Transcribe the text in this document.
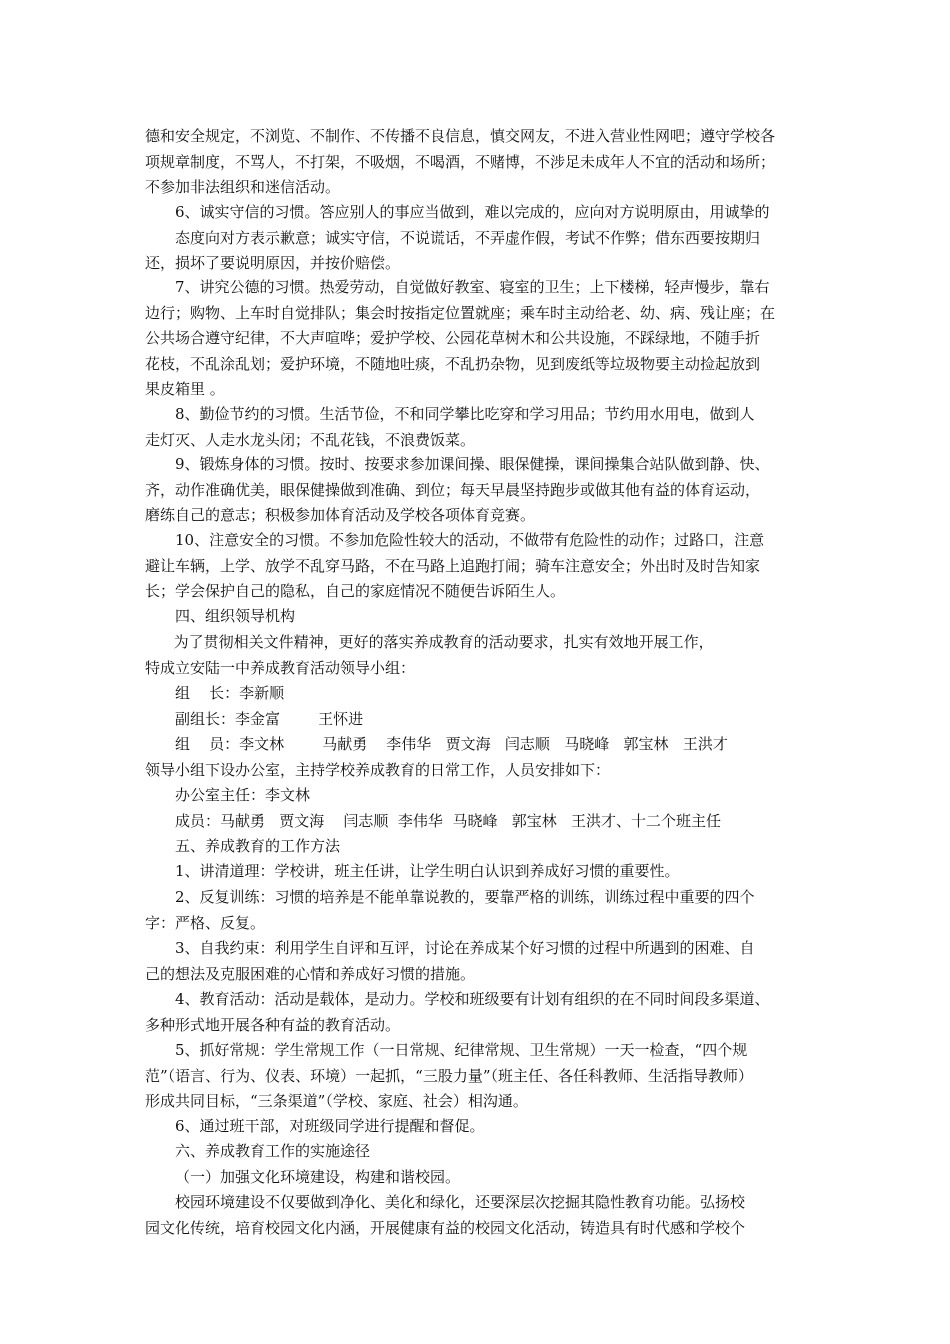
德和安全规定，不浏览、不制作、不传播不良信息，慎交网友，不进入营业性网吧；遵守学校各

项规章制度，不骂人，不打架，不吸烟，不喝酒，不赌博，不涉足未成年人不宜的活动和场所；

不参加非法组织和迷信活动。

6、诚实守信的习惯。答应别人的事应当做到，难以完成的，应向对方说明原由，用诚挚的

态度向对方表示歉意；诚实守信，不说谎话，不弄虚作假，考试不作弊；借东西要按期归

还，损坏了要说明原因，并按价赔偿。

7、讲究公德的习惯。热爱劳动，自觉做好教室、寝室的卫生；上下楼梯，轻声慢步，靠右

边行；购物、上车时自觉排队；集会时按指定位置就座；乘车时主动给老、幼、病、残让座；在

公共场合遵守纪律，不大声喧哗；爱护学校、公园花草树木和公共设施，不踩绿地，不随手折

花枝，不乱涂乱划；爱护环境，不随地吐痰，不乱扔杂物，见到废纸等垃圾物要主动捡起放到

果皮箱里 。

8、勤俭节约的习惯。生活节俭，不和同学攀比吃穿和学习用品；节约用水用电，做到人

走灯灭、人走水龙头闭；不乱花钱，不浪费饭菜。

9、锻炼身体的习惯。按时、按要求参加课间操、眼保健操，课间操集合站队做到静、快、

齐，动作准确优美，眼保健操做到准确、到位；每天早晨坚持跑步或做其他有益的体育运动，

磨练自己的意志；积极参加体育活动及学校各项体育竞赛。

10、注意安全的习惯。不参加危险性较大的活动，不做带有危险性的动作；过路口，注意

避让车辆，上学、放学不乱穿马路，不在马路上追跑打闹；骑车注意安全；外出时及时告知家

长；学会保护自己的隐私，自己的家庭情况不随便告诉陌生人。

四、组织领导机构

为了贯彻相关文件精神，更好的落实养成教育的活动要求，扎实有效地开展工作，

特成立安陆一中养成教育活动领导小组：

组    长：李新顺

副组长：李金富        王怀进

组    员：李文林        马献勇    李伟华   贾文海   闫志顺   马晓峰   郭宝林   王洪才

领导小组下设办公室，主持学校养成教育的日常工作，人员安排如下：

办公室主任：李文林

成员：马献勇   贾文海    闫志顺  李伟华  马晓峰   郭宝林   王洪才、十二个班主任

五、养成教育的工作方法

1、讲清道理：学校讲，班主任讲，让学生明白认识到养成好习惯的重要性。

2、反复训练：习惯的培养是不能单靠说教的，要靠严格的训练，训练过程中重要的四个

字：严格、反复。

3、自我约束：利用学生自评和互评，讨论在养成某个好习惯的过程中所遇到的困难、自

己的想法及克服困难的心情和养成好习惯的措施。

4、教育活动：活动是载体，是动力。学校和班级要有计划有组织的在不同时间段多渠道、

多种形式地开展各种有益的教育活动。

5、抓好常规：学生常规工作（一日常规、纪律常规、卫生常规）一天一检查，“四个规

范”（语言、行为、仪表、环境）一起抓，“三股力量”（班主任、各任科教师、生活指导教师）

形成共同目标，“三条渠道”（学校、家庭、社会）相沟通。

6、通过班干部，对班级同学进行提醒和督促。

六、养成教育工作的实施途径

（一）加强文化环境建设，构建和谐校园。

校园环境建设不仅要做到净化、美化和绿化，还要深层次挖掘其隐性教育功能。弘扬校

园文化传统，培育校园文化内涵，开展健康有益的校园文化活动，铸造具有时代感和学校个
